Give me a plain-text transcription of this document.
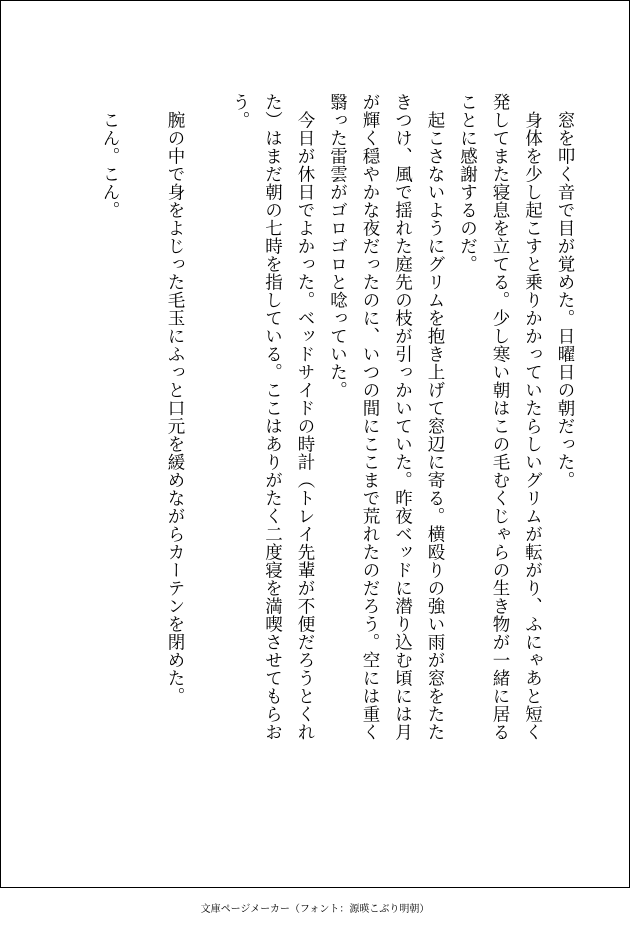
　窓を叩く音で目が覚めた。日曜日の朝だった。
　身体を少し起こすと乗りかかっていたらしいグリムが転がり、ふにゃあと短く
発してまた寝息を立てる。少し寒い朝はこの毛むくじゃらの生き物が一緒に居る
ことに感謝するのだ。
　起こさないようにグリムを抱き上げて窓辺に寄る。横殴りの強い雨が窓をたた
きつけ、風で揺れた庭先の枝が引っかいていた。昨夜ベッドに潜り込む頃には月
が輝く穏やかな夜だったのに、いつの間にここまで荒れたのだろう。空には重く
翳った雷雲がゴロゴロと唸っていた。
　今日が休日でよかった。ベッドサイドの時計（トレイ先輩が不便だろうとくれ
た）はまだ朝の七時を指している。ここはありがたく二度寝を満喫させてもらお
う。
　腕の中で身をよじった毛玉にふっと口元を緩めながらカーテンを閉めた。
　こん。こん。
文庫ページメーカー（フォント：源暎こぶり明朝）
